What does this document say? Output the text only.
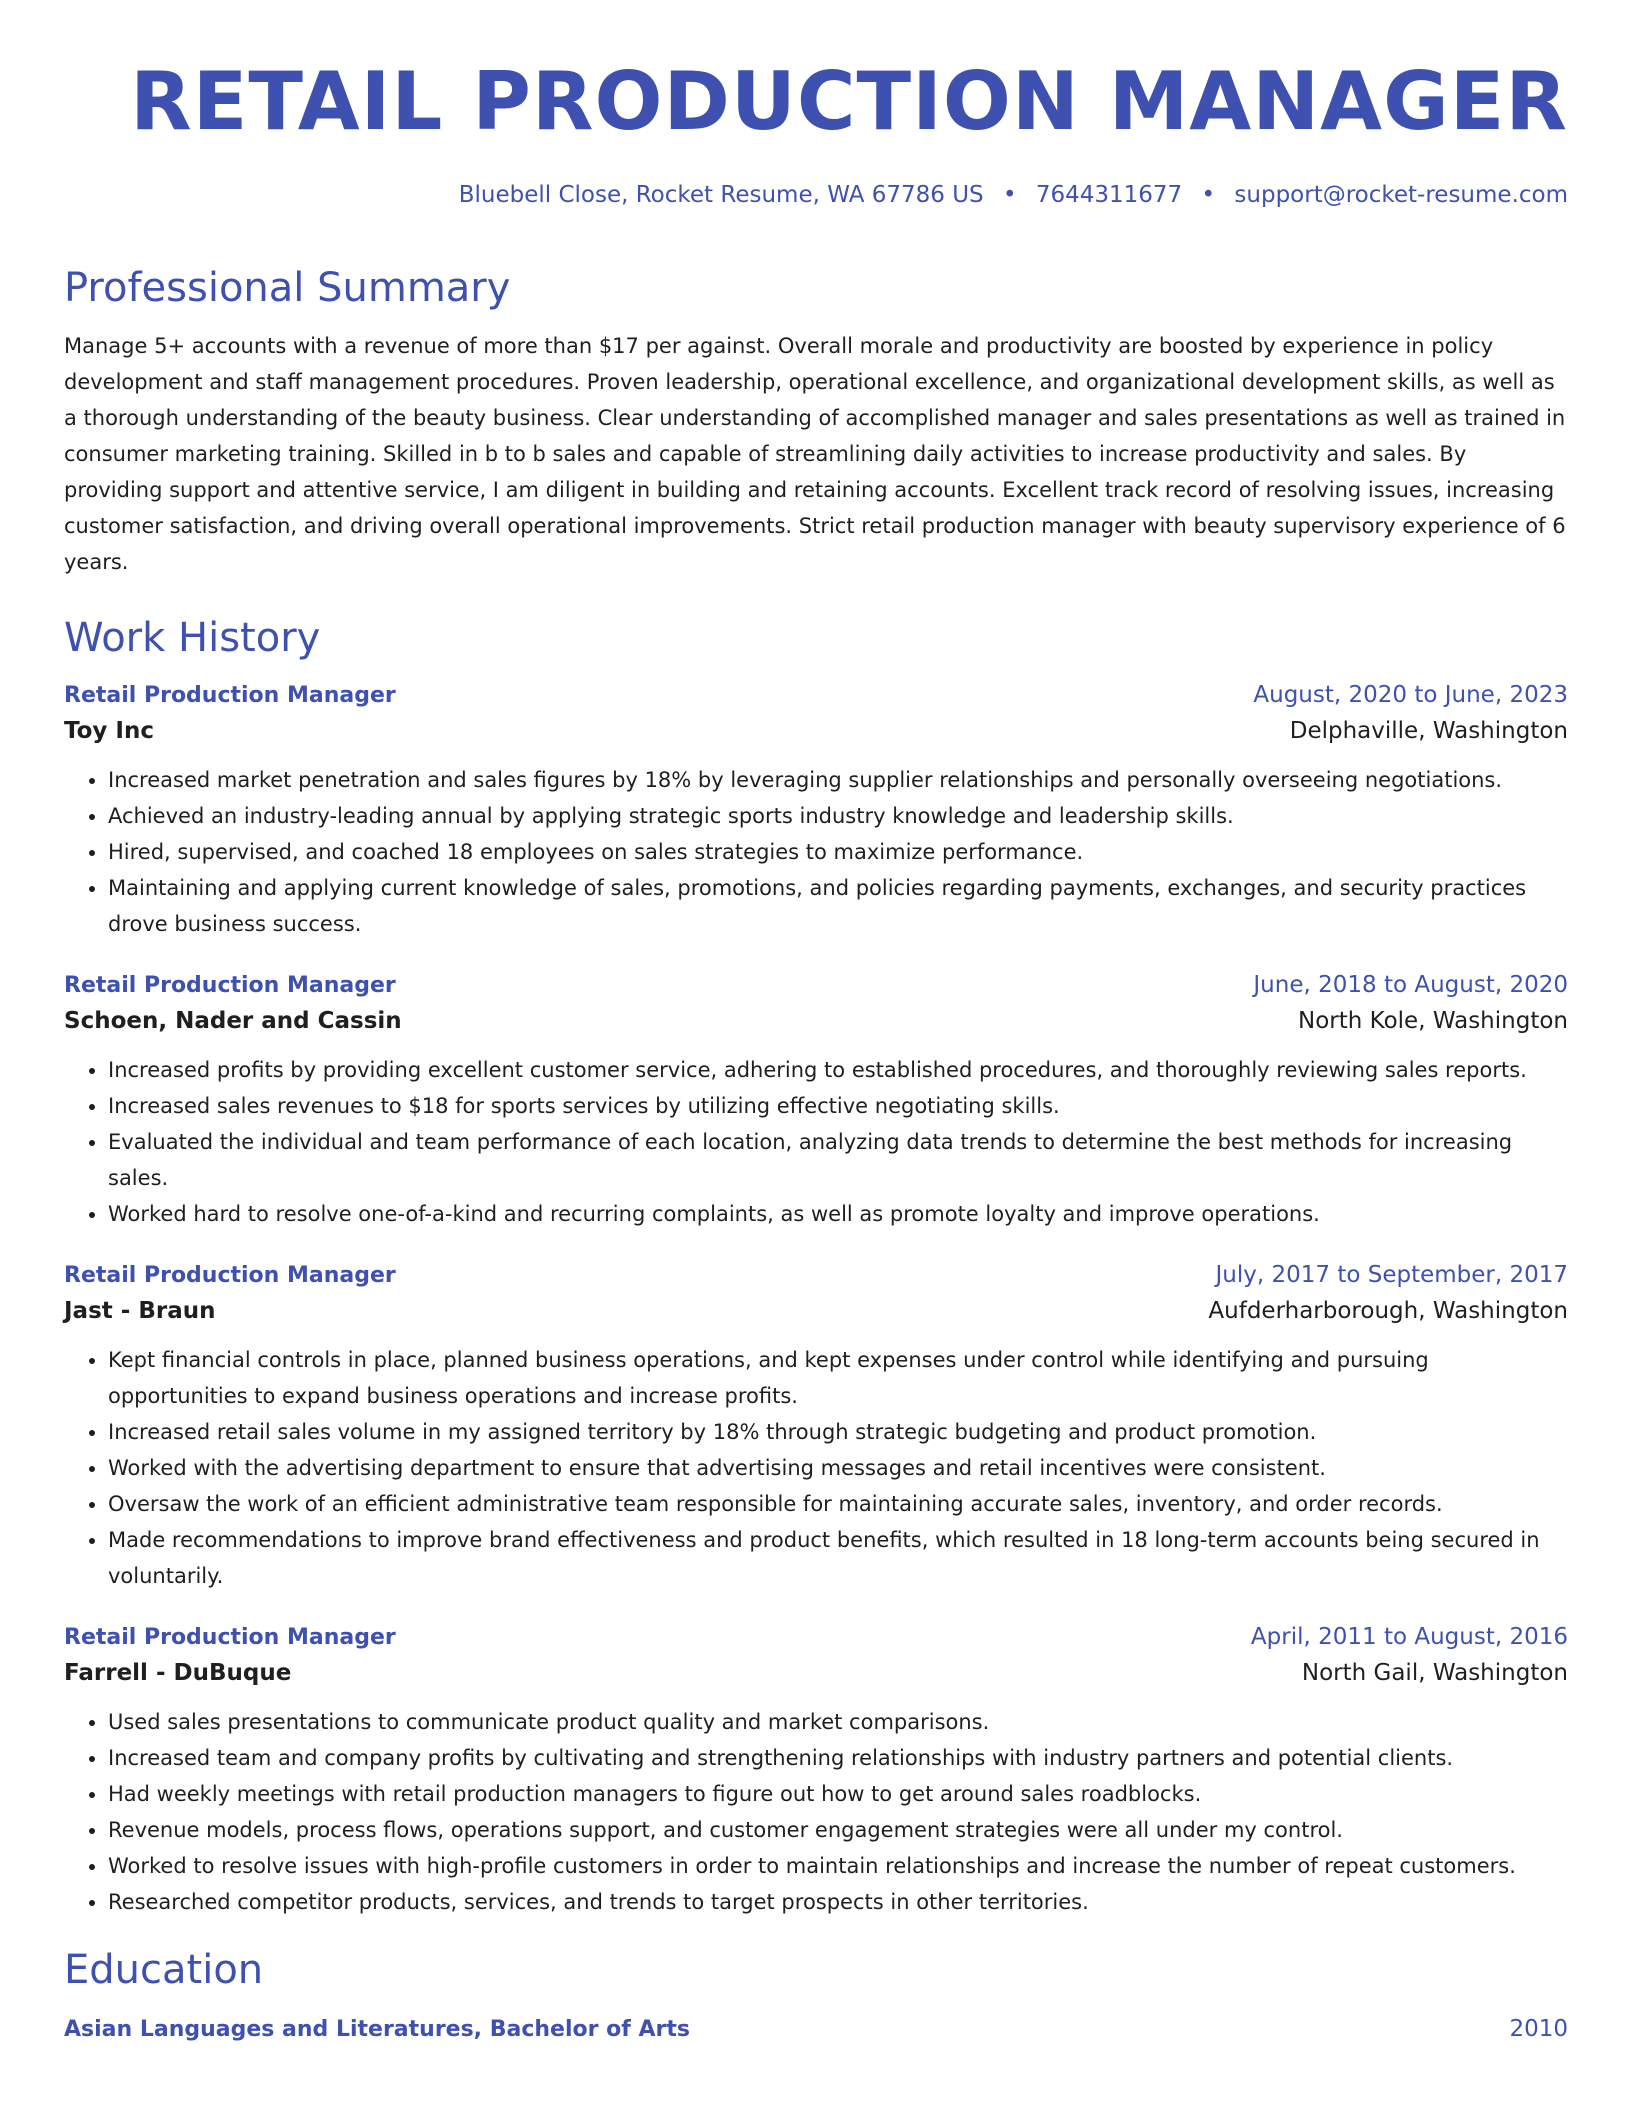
RETAIL PRODUCTION MANAGER
Bluebell Close, Rocket Resume, WA 67786 US • 7644311677 • support@rocket-resume.com
Professional Summary
Manage 5+ accounts with a revenue of more than $17 per against. Overall morale and productivity are boosted by experience in policy development and staff management procedures. Proven leadership, operational excellence, and organizational development skills, as well as a thorough understanding of the beauty business. Clear understanding of accomplished manager and sales presentations as well as trained in consumer marketing training. Skilled in b to b sales and capable of streamlining daily activities to increase productivity and sales. By providing support and attentive service, I am diligent in building and retaining accounts. Excellent track record of resolving issues, increasing customer satisfaction, and driving overall operational improvements. Strict retail production manager with beauty supervisory experience of 6 years.
Work History
Retail Production Manager	August, 2020 to June, 2023
Toy Inc	Delphaville, Washington
• Increased market penetration and sales figures by 18% by leveraging supplier relationships and personally overseeing negotiations.
• Achieved an industry-leading annual by applying strategic sports industry knowledge and leadership skills.
• Hired, supervised, and coached 18 employees on sales strategies to maximize performance.
• Maintaining and applying current knowledge of sales, promotions, and policies regarding payments, exchanges, and security practices drove business success.
Retail Production Manager	June, 2018 to August, 2020
Schoen, Nader and Cassin	North Kole, Washington
• Increased profits by providing excellent customer service, adhering to established procedures, and thoroughly reviewing sales reports.
• Increased sales revenues to $18 for sports services by utilizing effective negotiating skills.
• Evaluated the individual and team performance of each location, analyzing data trends to determine the best methods for increasing sales.
• Worked hard to resolve one-of-a-kind and recurring complaints, as well as promote loyalty and improve operations.
Retail Production Manager	July, 2017 to September, 2017
Jast - Braun	Aufderharborough, Washington
• Kept financial controls in place, planned business operations, and kept expenses under control while identifying and pursuing opportunities to expand business operations and increase profits.
• Increased retail sales volume in my assigned territory by 18% through strategic budgeting and product promotion.
• Worked with the advertising department to ensure that advertising messages and retail incentives were consistent.
• Oversaw the work of an efficient administrative team responsible for maintaining accurate sales, inventory, and order records.
• Made recommendations to improve brand effectiveness and product benefits, which resulted in 18 long-term accounts being secured in voluntarily.
Retail Production Manager	April, 2011 to August, 2016
Farrell - DuBuque	North Gail, Washington
• Used sales presentations to communicate product quality and market comparisons.
• Increased team and company profits by cultivating and strengthening relationships with industry partners and potential clients.
• Had weekly meetings with retail production managers to figure out how to get around sales roadblocks.
• Revenue models, process flows, operations support, and customer engagement strategies were all under my control.
• Worked to resolve issues with high-profile customers in order to maintain relationships and increase the number of repeat customers.
• Researched competitor products, services, and trends to target prospects in other territories.
Education
Asian Languages and Literatures, Bachelor of Arts	2010
